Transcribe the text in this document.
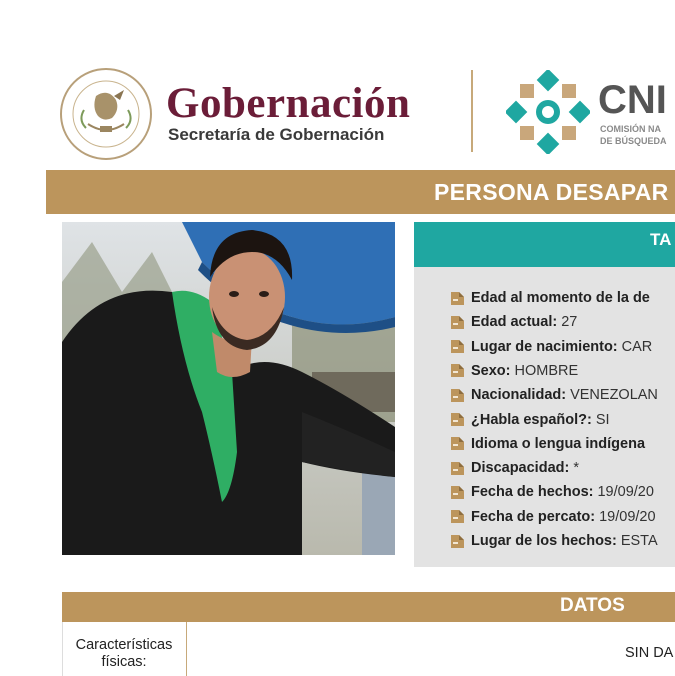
Gobernación
Secretaría de Gobernación
CNI
COMISIÓN NA
DE BÚSQUEDA
PERSONA DESAPAR
TA
Edad al momento de la de
Edad actual: 27
Lugar de nacimiento: CAR
Sexo: HOMBRE
Nacionalidad: VENEZOLAN
¿Habla español?: SI
Idioma o lengua indígena
Discapacidad: *
Fecha de hechos: 19/09/20
Fecha de percato: 19/09/20
Lugar de los hechos: ESTA
DATOS
Características físicas:
SIN DA
